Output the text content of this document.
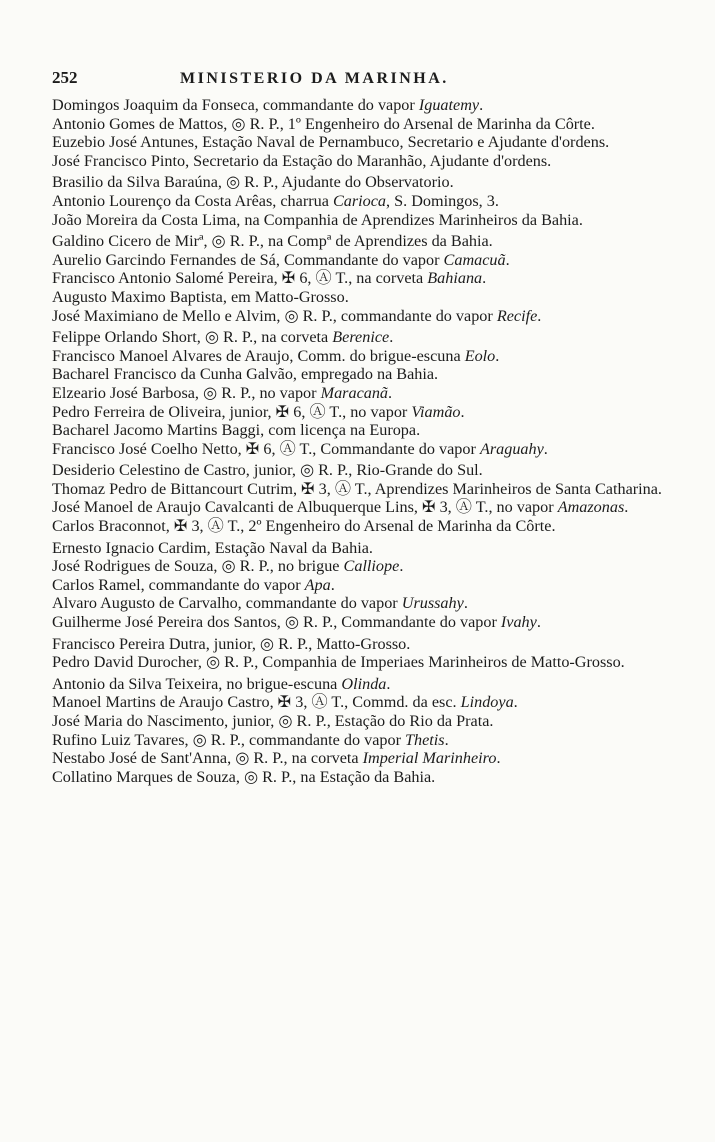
252	MINISTERIO DA MARINHA.

Domingos Joaquim da Fonseca, commandante do vapor Iguatemy.

Antonio Gomes de Mattos, ◎ R. P., 1º Engenheiro do Arsenal de Marinha da Côrte.

Euzebio José Antunes, Estação Naval de Pernambuco, Secretario e Ajudante d'ordens.

José Francisco Pinto, Secretario da Estação do Maranhão, Ajudante d'ordens.

Brasilio da Silva Baraúna, ◎ R. P., Ajudante do Observatorio.

Antonio Lourenço da Costa Arêas, charrua Carioca, S. Domingos, 3.

João Moreira da Costa Lima, na Companhia de Aprendizes Marinheiros da Bahia.

Galdino Cicero de Mirª, ◎ R. P., na Compª de Aprendizes da Bahia.

Aurelio Garcindo Fernandes de Sá, Commandante do vapor Camacuã.

Francisco Antonio Salomé Pereira, ✠ 6, Ⓐ T., na corveta Bahiana.

Augusto Maximo Baptista, em Matto-Grosso.

José Maximiano de Mello e Alvim, ◎ R. P., commandante do vapor Recife.

Felippe Orlando Short, ◎ R. P., na corveta Berenice.

Francisco Manoel Alvares de Araujo, Comm. do brigue-escuna Eolo.

Bacharel Francisco da Cunha Galvão, empregado na Bahia.

Elzeario José Barbosa, ◎ R. P., no vapor Maracanã.

Pedro Ferreira de Oliveira, junior, ✠ 6, Ⓐ T., no vapor Viamão.

Bacharel Jacomo Martins Baggi, com licença na Europa.

Francisco José Coelho Netto, ✠ 6, Ⓐ T., Commandante do vapor Araguahy.

Desiderio Celestino de Castro, junior, ◎ R. P., Rio-Grande do Sul.

Thomaz Pedro de Bittancourt Cutrim, ✠ 3, Ⓐ T., Aprendizes Marinheiros de Santa Catharina.

José Manoel de Araujo Cavalcanti de Albuquerque Lins, ✠ 3, Ⓐ T., no vapor Amazonas.

Carlos Braconnot, ✠ 3, Ⓐ T., 2º Engenheiro do Arsenal de Marinha da Côrte.

Ernesto Ignacio Cardim, Estação Naval da Bahia.

José Rodrigues de Souza, ◎ R. P., no brigue Calliope.

Carlos Ramel, commandante do vapor Apa.

Alvaro Augusto de Carvalho, commandante do vapor Urussahy.

Guilherme José Pereira dos Santos, ◎ R. P., Commandante do vapor Ivahy.

Francisco Pereira Dutra, junior, ◎ R. P., Matto-Grosso.

Pedro David Durocher, ◎ R. P., Companhia de Imperiaes Marinheiros de Matto-Grosso.

Antonio da Silva Teixeira, no brigue-escuna Olinda.

Manoel Martins de Araujo Castro, ✠ 3, Ⓐ T., Commd. da esc. Lindoya.

José Maria do Nascimento, junior, ◎ R. P., Estação do Rio da Prata.

Rufino Luiz Tavares, ◎ R. P., commandante do vapor Thetis.

Nestabo José de Sant'Anna, ◎ R. P., na corveta Imperial Marinheiro.

Collatino Marques de Souza, ◎ R. P., na Estação da Bahia.
